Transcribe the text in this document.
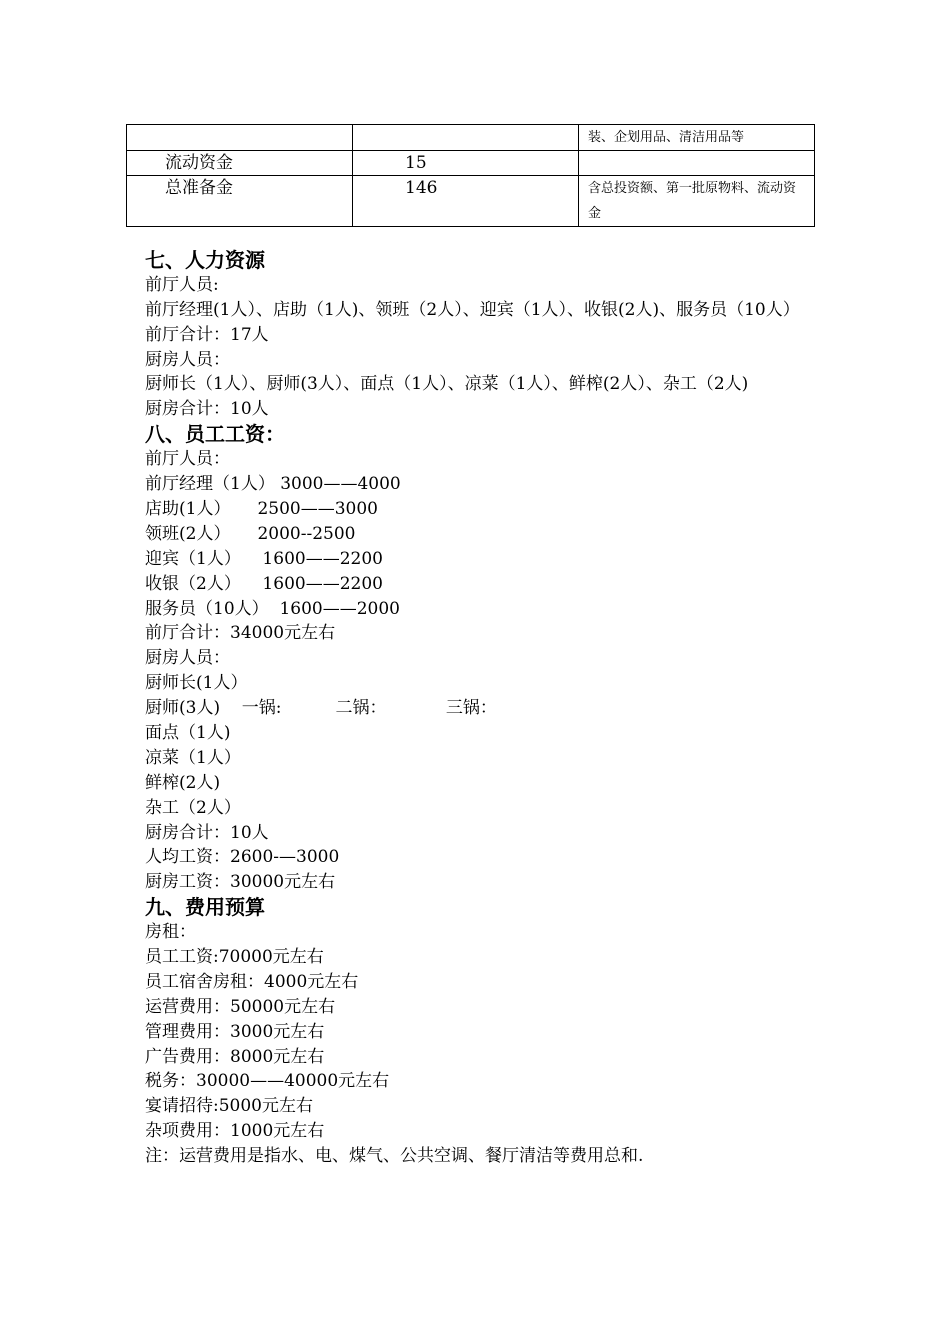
		装、企划用品、清洁用品等
流动资金	15	
总准备金	146	含总投资额、第一批原物料、流动资金
七、人力资源
前厅人员:
前厅经理(1人）、店助（1人)、领班（2人）、迎宾（1人）、收银(2人)、服务员（10人）
前厅合计：17人
厨房人员：
厨师长（1人）、厨师(3人）、面点（1人）、凉菜（1人）、鲜榨(2人）、杂工（2人)
厨房合计：10人
八、员工工资：
前厅人员：
前厅经理（1人） 3000——4000
店助(1人）     2500——3000
领班(2人）     2000--2500
迎宾（1人）    1600——2200
收银（2人）    1600——2200
服务员（10人）  1600——2000
前厅合计：34000元左右
厨房人员：
厨师长(1人）
厨师(3人)    一锅:          二锅：           三锅：
面点（1人)
凉菜（1人）
鲜榨(2人)
杂工（2人）
厨房合计：10人
人均工资：2600-—3000
厨房工资：30000元左右
九、费用预算
房租：
员工工资:70000元左右
员工宿舍房租：4000元左右
运营费用：50000元左右
管理费用：3000元左右
广告费用：8000元左右
税务：30000——40000元左右
宴请招待:5000元左右
杂项费用：1000元左右
注：运营费用是指水、电、煤气、公共空调、餐厅清洁等费用总和.
